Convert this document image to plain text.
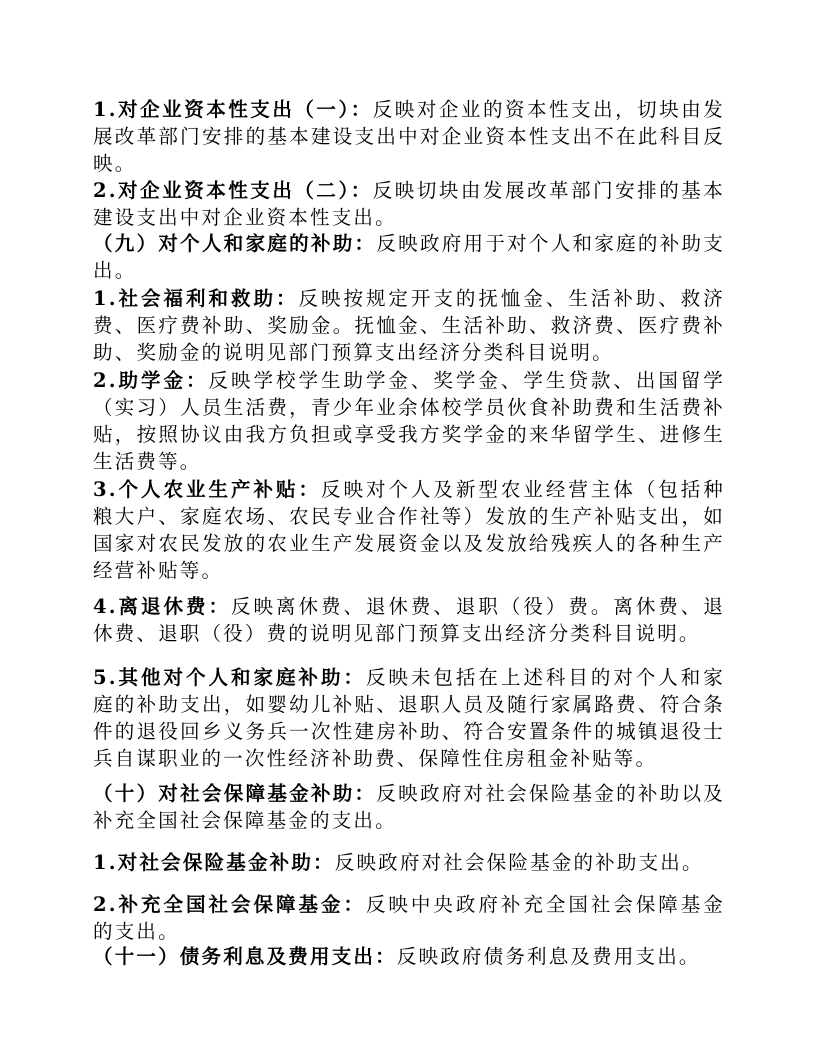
1.对企业资本性支出（一）：反映对企业的资本性支出，切块由发展改革部门安排的基本建设支出中对企业资本性支出不在此科目反映。

2.对企业资本性支出（二）：反映切块由发展改革部门安排的基本建设支出中对企业资本性支出。

（九）对个人和家庭的补助：反映政府用于对个人和家庭的补助支出。

1.社会福利和救助：反映按规定开支的抚恤金、生活补助、救济费、医疗费补助、奖励金。抚恤金、生活补助、救济费、医疗费补助、奖励金的说明见部门预算支出经济分类科目说明。

2.助学金：反映学校学生助学金、奖学金、学生贷款、出国留学（实习）人员生活费，青少年业余体校学员伙食补助费和生活费补贴，按照协议由我方负担或享受我方奖学金的来华留学生、进修生生活费等。

3.个人农业生产补贴：反映对个人及新型农业经营主体（包括种粮大户、家庭农场、农民专业合作社等）发放的生产补贴支出，如国家对农民发放的农业生产发展资金以及发放给残疾人的各种生产经营补贴等。

4.离退休费：反映离休费、退休费、退职（役）费。离休费、退休费、退职（役）费的说明见部门预算支出经济分类科目说明。

5.其他对个人和家庭补助：反映未包括在上述科目的对个人和家庭的补助支出，如婴幼儿补贴、退职人员及随行家属路费、符合条件的退役回乡义务兵一次性建房补助、符合安置条件的城镇退役士兵自谋职业的一次性经济补助费、保障性住房租金补贴等。

（十）对社会保障基金补助：反映政府对社会保险基金的补助以及补充全国社会保障基金的支出。

1.对社会保险基金补助：反映政府对社会保险基金的补助支出。

2.补充全国社会保障基金：反映中央政府补充全国社会保障基金的支出。

（十一）债务利息及费用支出：反映政府债务利息及费用支出。
